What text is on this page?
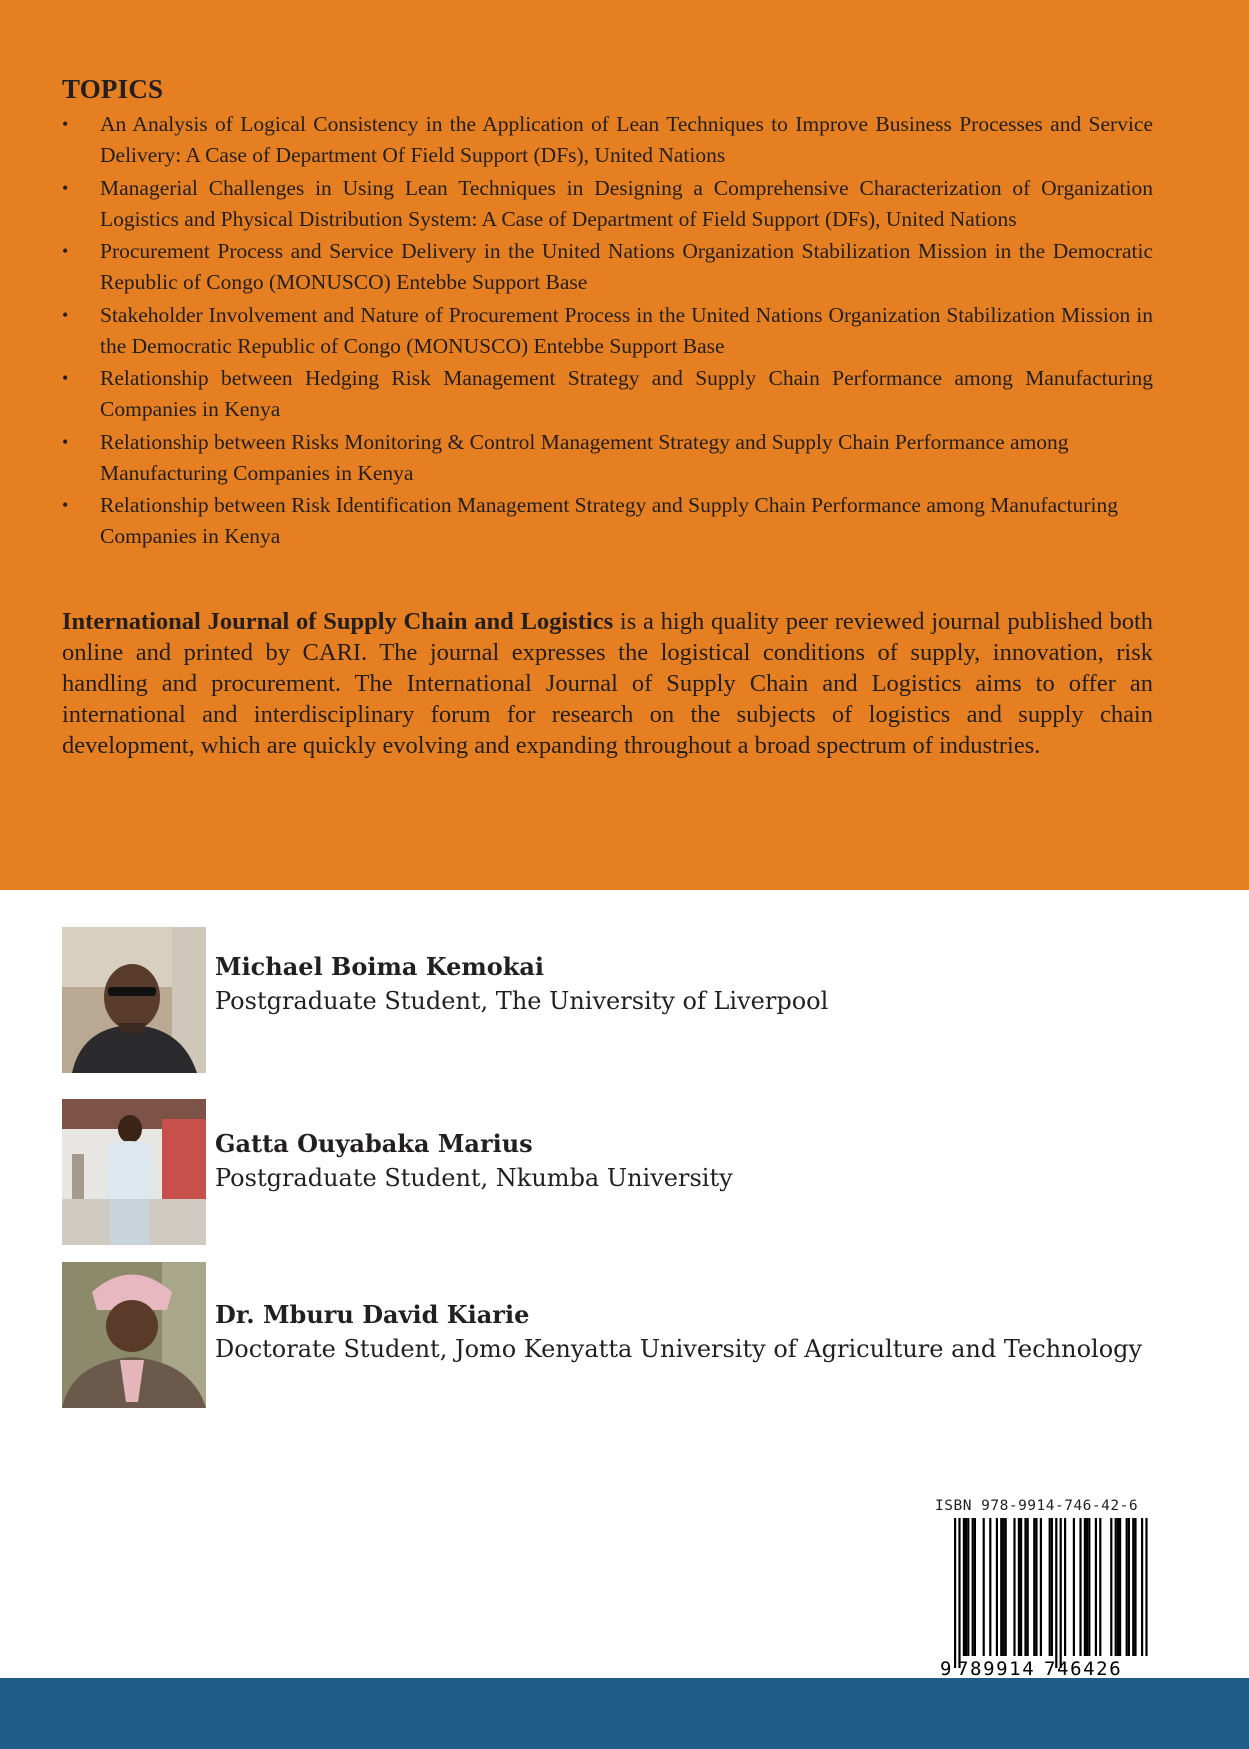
TOPICS
• An Analysis of Logical Consistency in the Application of Lean Techniques to Improve Business Processes and Service Delivery: A Case of Department Of Field Support (DFs), United Nations
• Managerial Challenges in Using Lean Techniques in Designing a Comprehensive Characterization of Organization Logistics and Physical Distribution System: A Case of Department of Field Support (DFs), United Nations
• Procurement Process and Service Delivery in the United Nations Organization Stabilization Mission in the Democratic Republic of Congo (MONUSCO) Entebbe Support Base
• Stakeholder Involvement and Nature of Procurement Process in the United Nations Organization Stabilization Mission in the Democratic Republic of Congo (MONUSCO) Entebbe Support Base
• Relationship between Hedging Risk Management Strategy and Supply Chain Performance among Manufacturing Companies in Kenya
• Relationship between Risks Monitoring & Control Management Strategy and Supply Chain Performance among Manufacturing Companies in Kenya
• Relationship between Risk Identification Management Strategy and Supply Chain Performance among Manufacturing Companies in Kenya

International Journal of Supply Chain and Logistics is a high quality peer reviewed journal published both online and printed by CARI. The journal expresses the logistical conditions of supply, innovation, risk handling and procurement. The International Journal of Supply Chain and Logistics aims to offer an international and interdisciplinary forum for research on the subjects of logistics and supply chain development, which are quickly evolving and expanding throughout a broad spectrum of industries.

Michael Boima Kemokai
Postgraduate Student, The University of Liverpool
Gatta Ouyabaka Marius
Postgraduate Student, Nkumba University
Dr. Mburu David Kiarie
Doctorate Student, Jomo Kenyatta University of Agriculture and Technology
ISBN 978-9914-746-42-6
9 789914 746426
